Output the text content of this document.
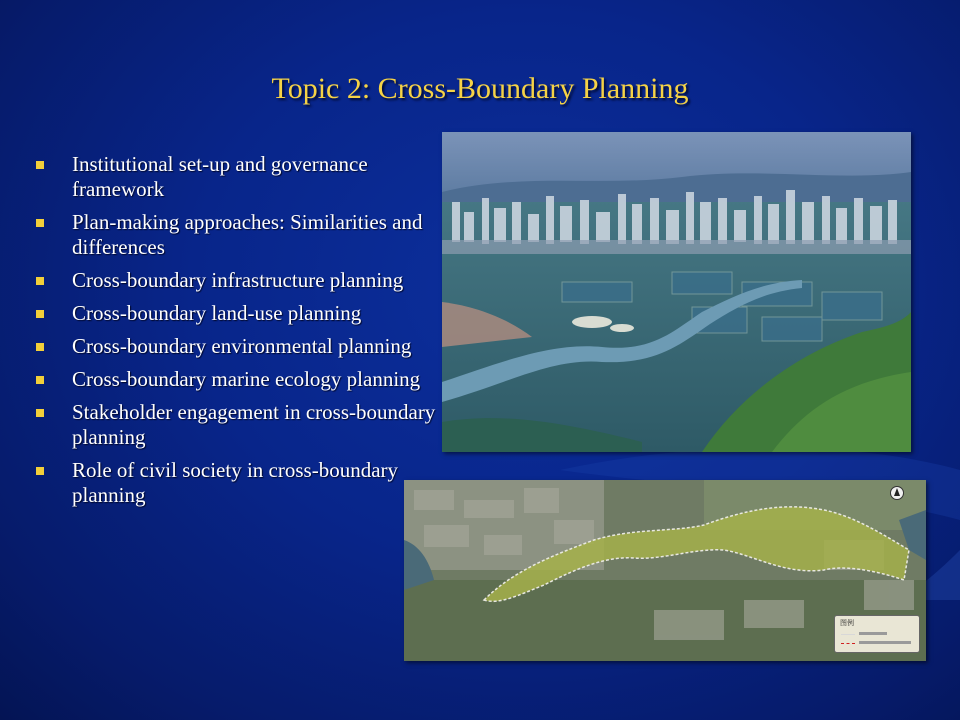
Topic 2: Cross-Boundary Planning
Institutional set-up and governance framework
Plan-making approaches: Similarities and differences
Cross-boundary infrastructure planning
Cross-boundary land-use planning
Cross-boundary environmental planning
Cross-boundary marine ecology planning
Stakeholder engagement in cross-boundary planning
Role of civil society in cross-boundary planning
图例
